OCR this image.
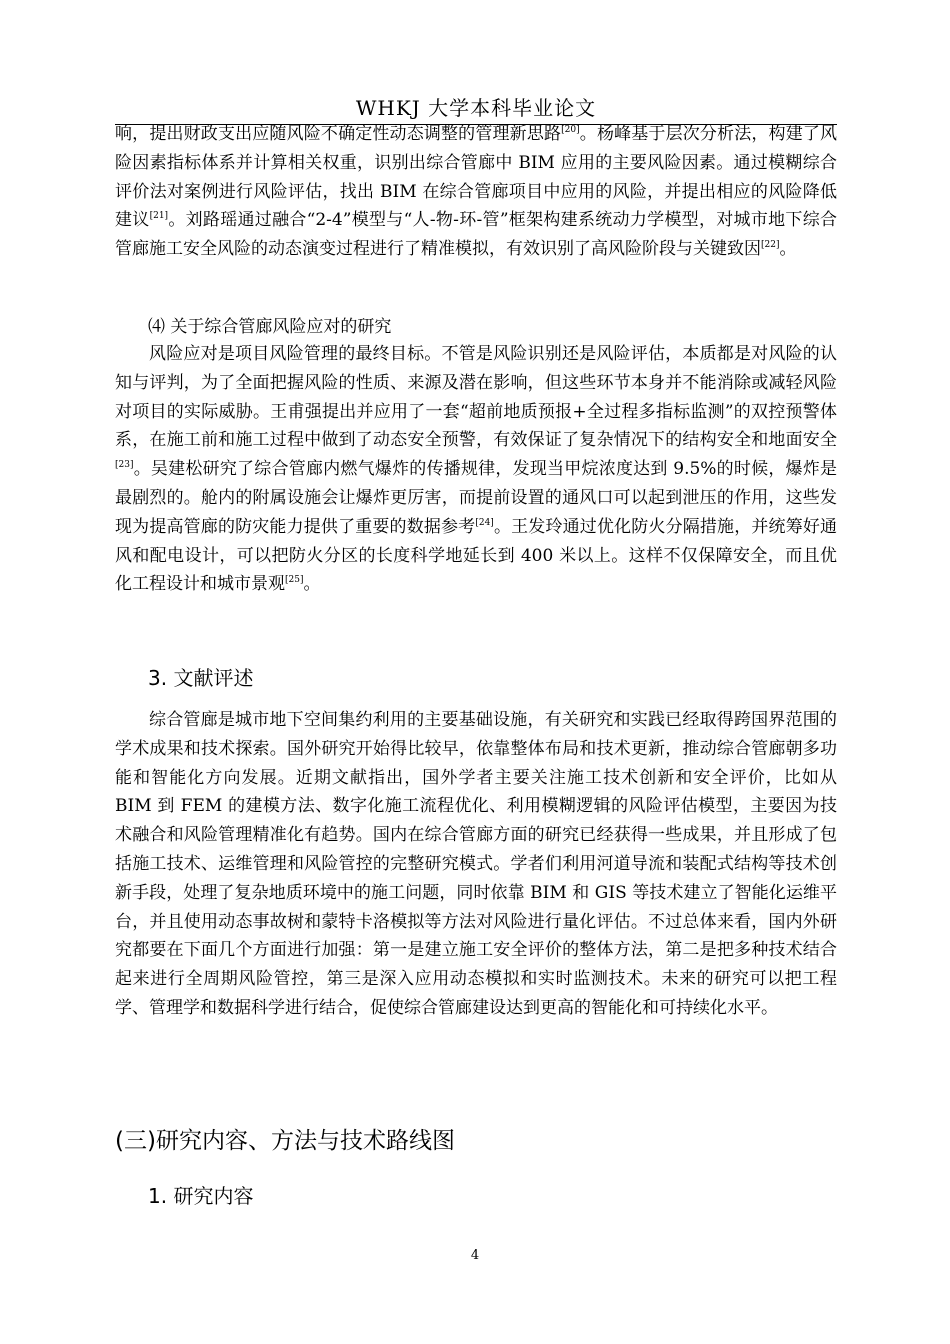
WHKJ 大学本科毕业论文

响，提出财政支出应随风险不确定性动态调整的管理新思路[20]。杨峰基于层次分析法，构建了风险因素指标体系并计算相关权重，识别出综合管廊中 BIM 应用的主要风险因素。通过模糊综合评价法对案例进行风险评估，找出 BIM 在综合管廊项目中应用的风险，并提出相应的风险降低建议[21]。刘路瑶通过融合“2-4”模型与“人-物-环-管”框架构建系统动力学模型，对城市地下综合管廊施工安全风险的动态演变过程进行了精准模拟，有效识别了高风险阶段与关键致因[22]。

⑷ 关于综合管廊风险应对的研究

风险应对是项目风险管理的最终目标。不管是风险识别还是风险评估，本质都是对风险的认知与评判，为了全面把握风险的性质、来源及潜在影响，但这些环节本身并不能消除或减轻风险对项目的实际威胁。王甫强提出并应用了一套“超前地质预报+全过程多指标监测”的双控预警体系，在施工前和施工过程中做到了动态安全预警，有效保证了复杂情况下的结构安全和地面安全[23]。吴建松研究了综合管廊内燃气爆炸的传播规律，发现当甲烷浓度达到 9.5%的时候，爆炸是最剧烈的。舱内的附属设施会让爆炸更厉害，而提前设置的通风口可以起到泄压的作用，这些发现为提高管廊的防灾能力提供了重要的数据参考[24]。王发玲通过优化防火分隔措施，并统筹好通风和配电设计，可以把防火分区的长度科学地延长到 400 米以上。这样不仅保障安全，而且优化工程设计和城市景观[25]。

3. 文献评述

综合管廊是城市地下空间集约利用的主要基础设施，有关研究和实践已经取得跨国界范围的学术成果和技术探索。国外研究开始得比较早，依靠整体布局和技术更新，推动综合管廊朝多功能和智能化方向发展。近期文献指出，国外学者主要关注施工技术创新和安全评价，比如从 BIM 到 FEM 的建模方法、数字化施工流程优化、利用模糊逻辑的风险评估模型，主要因为技术融合和风险管理精准化有趋势。国内在综合管廊方面的研究已经获得一些成果，并且形成了包括施工技术、运维管理和风险管控的完整研究模式。学者们利用河道导流和装配式结构等技术创新手段，处理了复杂地质环境中的施工问题，同时依靠 BIM 和 GIS 等技术建立了智能化运维平台，并且使用动态事故树和蒙特卡洛模拟等方法对风险进行量化评估。不过总体来看，国内外研究都要在下面几个方面进行加强：第一是建立施工安全评价的整体方法，第二是把多种技术结合起来进行全周期风险管控，第三是深入应用动态模拟和实时监测技术。未来的研究可以把工程学、管理学和数据科学进行结合，促使综合管廊建设达到更高的智能化和可持续化水平。

(三)研究内容、方法与技术路线图
1. 研究内容
4
